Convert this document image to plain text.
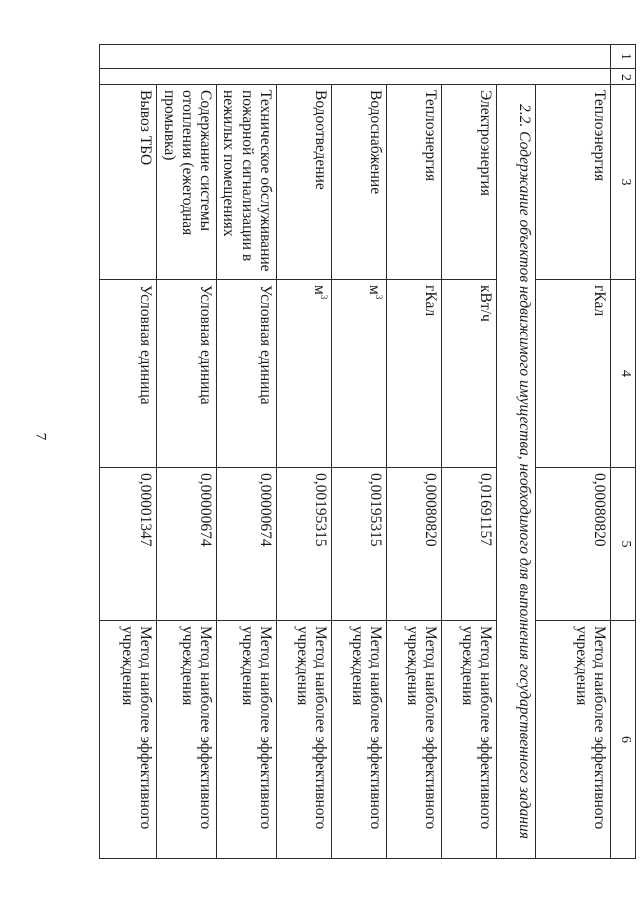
7
1	2	3	4	5	6
		Теплоэнергия	гКал	0,00080820	Метод наиболее эффективного учреждения
		2.2. Содержание объектов недвижимого имущества, необходимого для выполнения государственного задания			
		Электроэнергия	кВт/ч	0,01691157	Метод наиболее эффективного учреждения
		Теплоэнергия	гКал	0,00080820	Метод наиболее эффективного учреждения
		Водоснабжение	$м^3$	0,00195315	Метод наиболее эффективного учреждения
		Водоотведение	$м^3$	0,00195315	Метод наиболее эффективного учреждения
		Техническое обслуживание пожарной сигнализации в нежилых помещениях	Условная единица	0,00000674	Метод наиболее эффективного учреждения
		Содержание системы отопления (ежегодная промывка)	Условная единица	0,00000674	Метод наиболее эффективного учреждения
		Вывоз ТБО	Условная единица	0,00001347	Метод наиболее эффективного учреждения
